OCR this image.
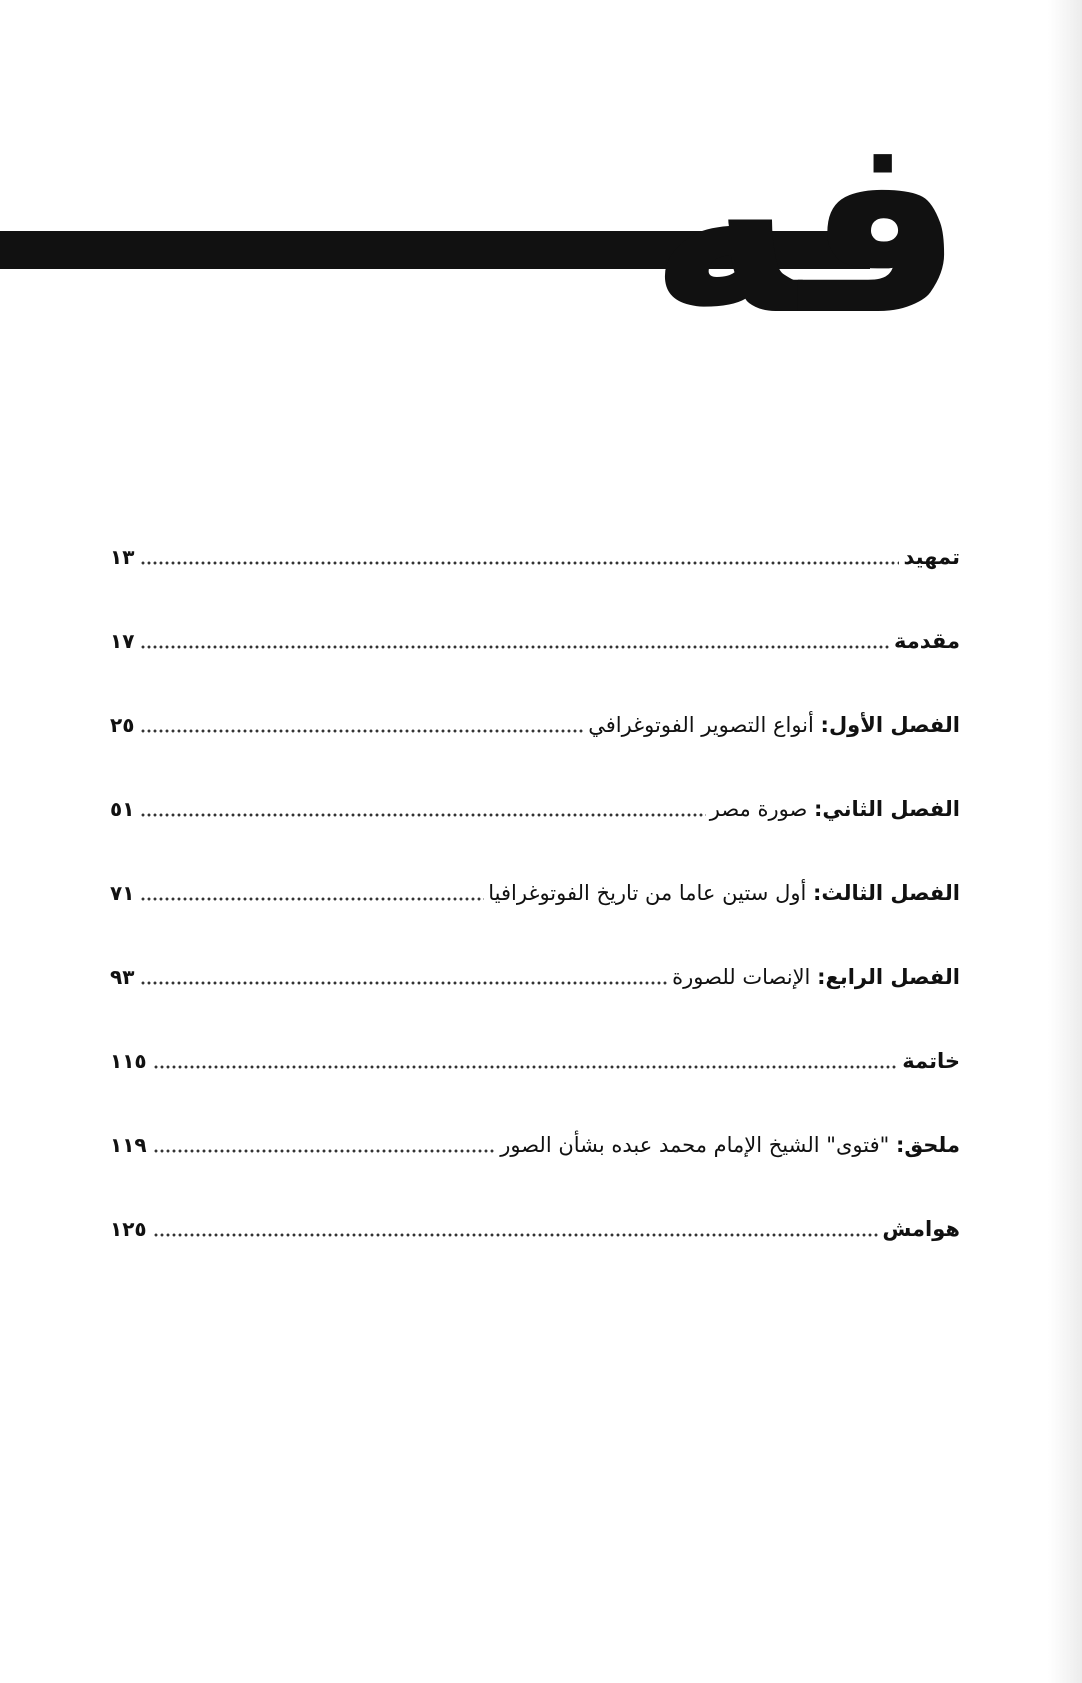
فه
تمهيد
١٣
مقدمة
١٧
الفصل الأول: أنواع التصوير الفوتوغرافي
٢٥
الفصل الثاني: صورة مصر
٥١
الفصل الثالث: أول ستين عاما من تاريخ الفوتوغرافيا
٧١
الفصل الرابع: الإنصات للصورة
٩٣
خاتمة
١١٥
ملحق: "فتوى" الشيخ الإمام محمد عبده بشأن الصور
١١٩
هوامش
١٢٥
